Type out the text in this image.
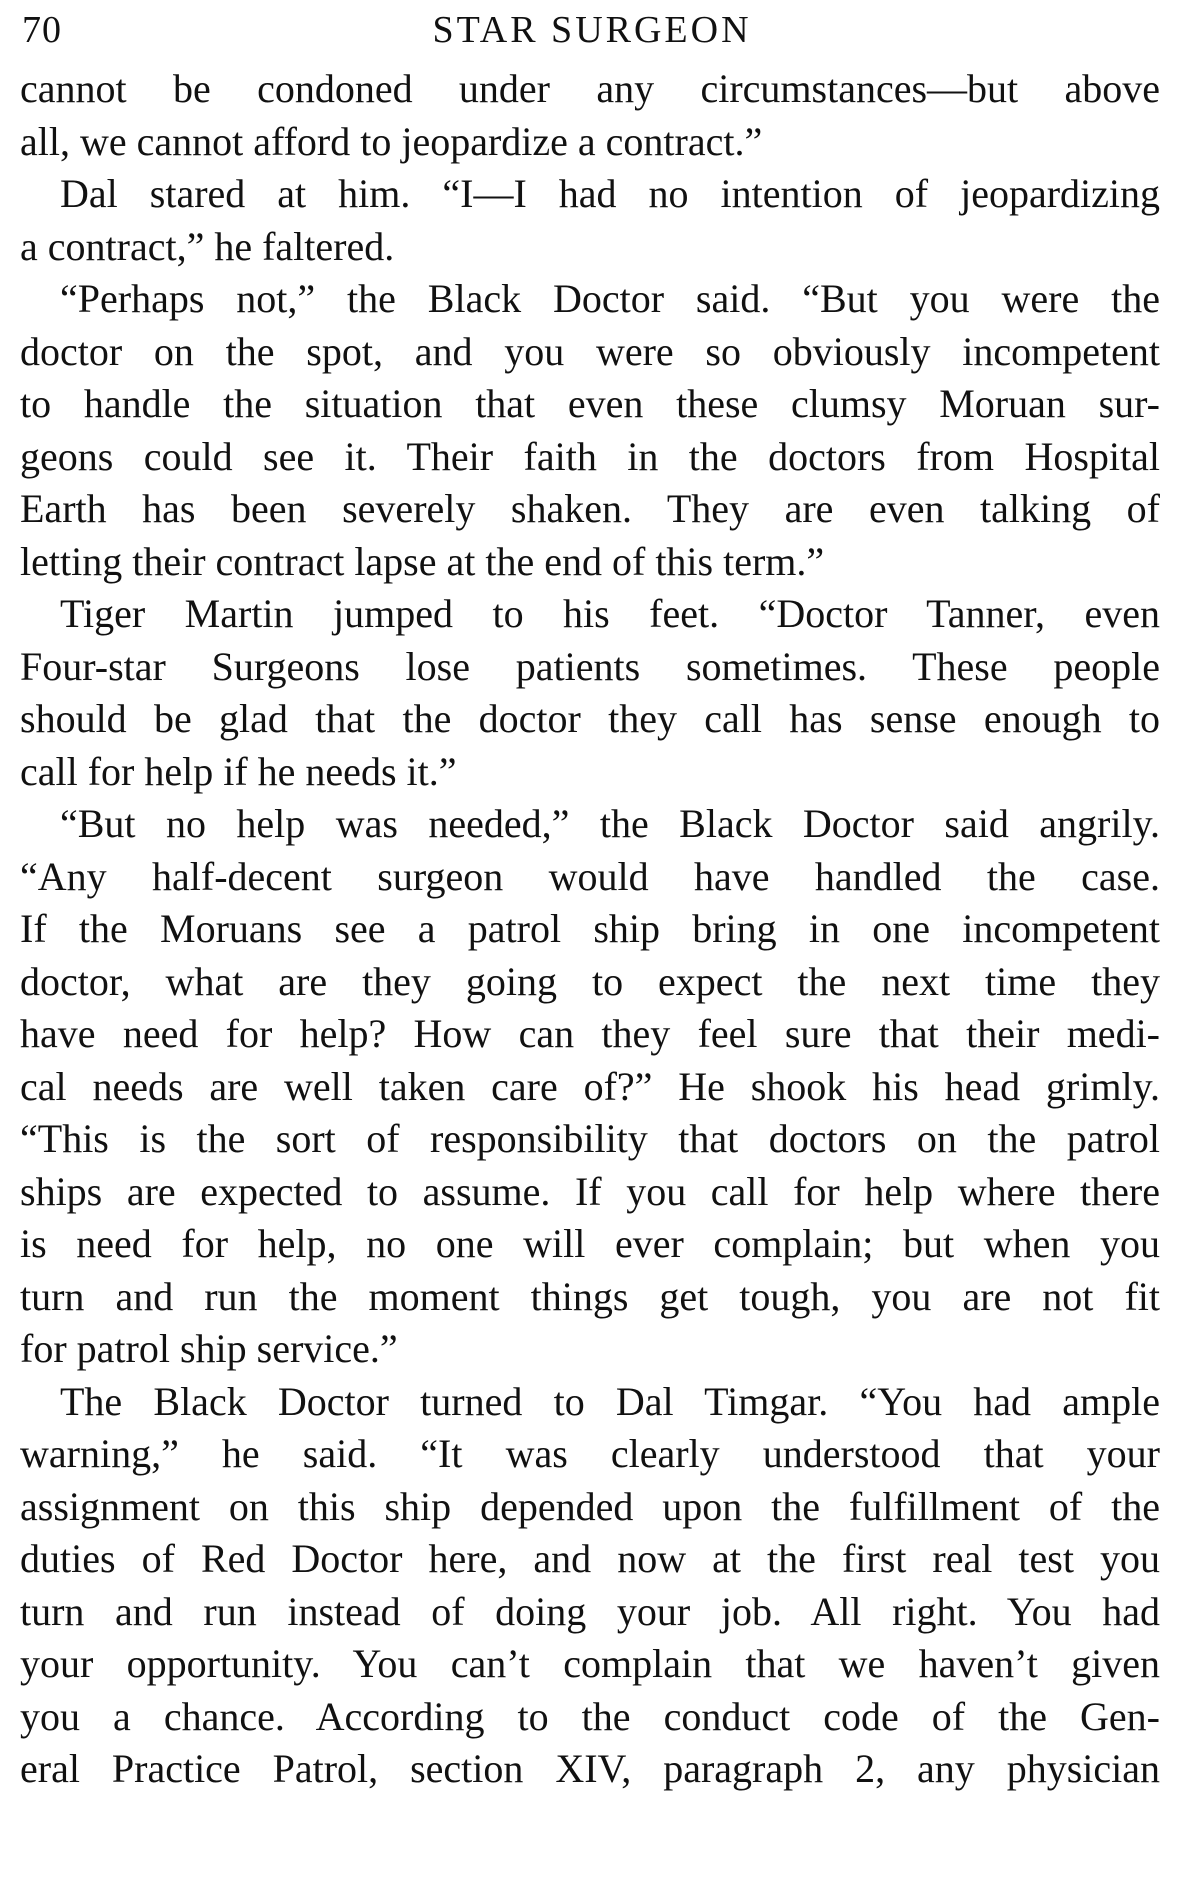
70	STAR SURGEON
cannot be condoned under any circumstances—but above
all, we cannot afford to jeopardize a contract.”
Dal stared at him. “I—I had no intention of jeopardizing
a contract,” he faltered.
“Perhaps not,” the Black Doctor said. “But you were the
doctor on the spot, and you were so obviously incompetent
to handle the situation that even these clumsy Moruan sur-
geons could see it. Their faith in the doctors from Hospital
Earth has been severely shaken. They are even talking of
letting their contract lapse at the end of this term.”
Tiger Martin jumped to his feet. “Doctor Tanner, even
Four-star Surgeons lose patients sometimes. These people
should be glad that the doctor they call has sense enough to
call for help if he needs it.”
“But no help was needed,” the Black Doctor said angrily.
“Any half-decent surgeon would have handled the case.
If the Moruans see a patrol ship bring in one incompetent
doctor, what are they going to expect the next time they
have need for help? How can they feel sure that their medi-
cal needs are well taken care of?” He shook his head grimly.
“This is the sort of responsibility that doctors on the patrol
ships are expected to assume. If you call for help where there
is need for help, no one will ever complain; but when you
turn and run the moment things get tough, you are not fit
for patrol ship service.”
The Black Doctor turned to Dal Timgar. “You had ample
warning,” he said. “It was clearly understood that your
assignment on this ship depended upon the fulfillment of the
duties of Red Doctor here, and now at the first real test you
turn and run instead of doing your job. All right. You had
your opportunity. You can’t complain that we haven’t given
you a chance. According to the conduct code of the Gen-
eral Practice Patrol, section XIV, paragraph 2, any physician
